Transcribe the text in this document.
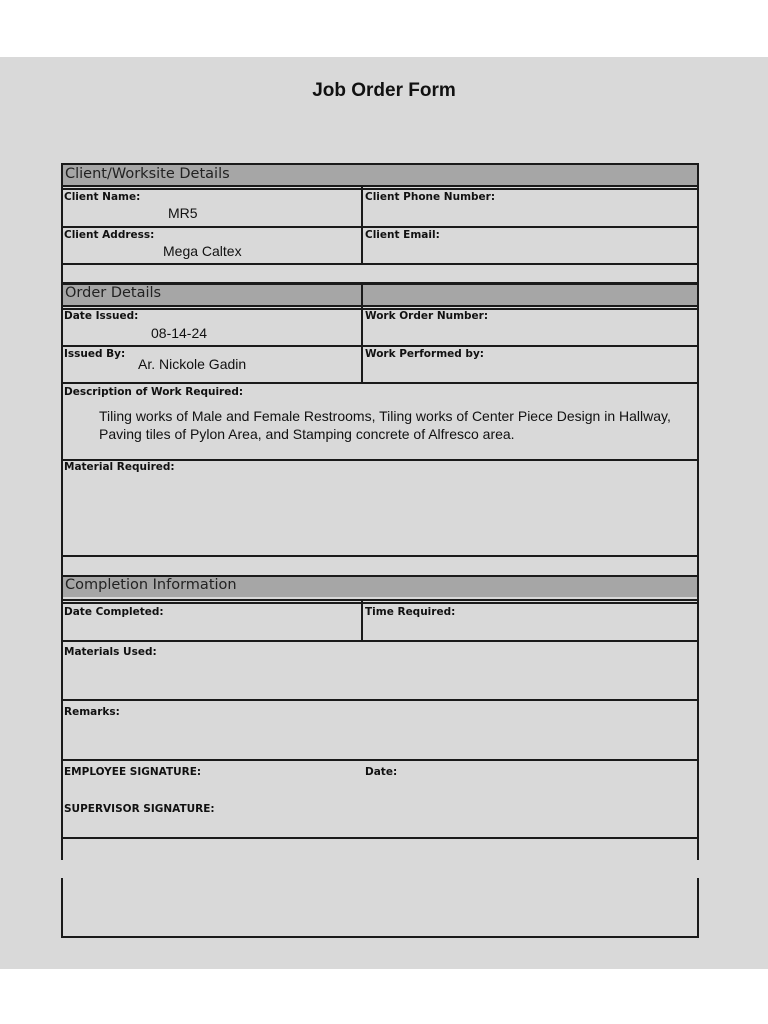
Job Order Form
Client/Worksite Details
Client Name:
MR5
Client Phone Number:
Client Address:
Mega Caltex
Client Email:
Order Details
Date Issued:
08-14-24
Work Order Number:
Issued By:
Ar. Nickole Gadin
Work Performed by:
Description of Work Required:
Tiling works of Male and Female Restrooms, Tiling works of Center Piece Design in Hallway, Paving tiles of Pylon Area, and Stamping concrete of Alfresco area.
Material Required:
Completion Information
Date Completed:	Time Required:
Materials Used:
Remarks:
EMPLOYEE SIGNATURE:	Date:
SUPERVISOR SIGNATURE:
